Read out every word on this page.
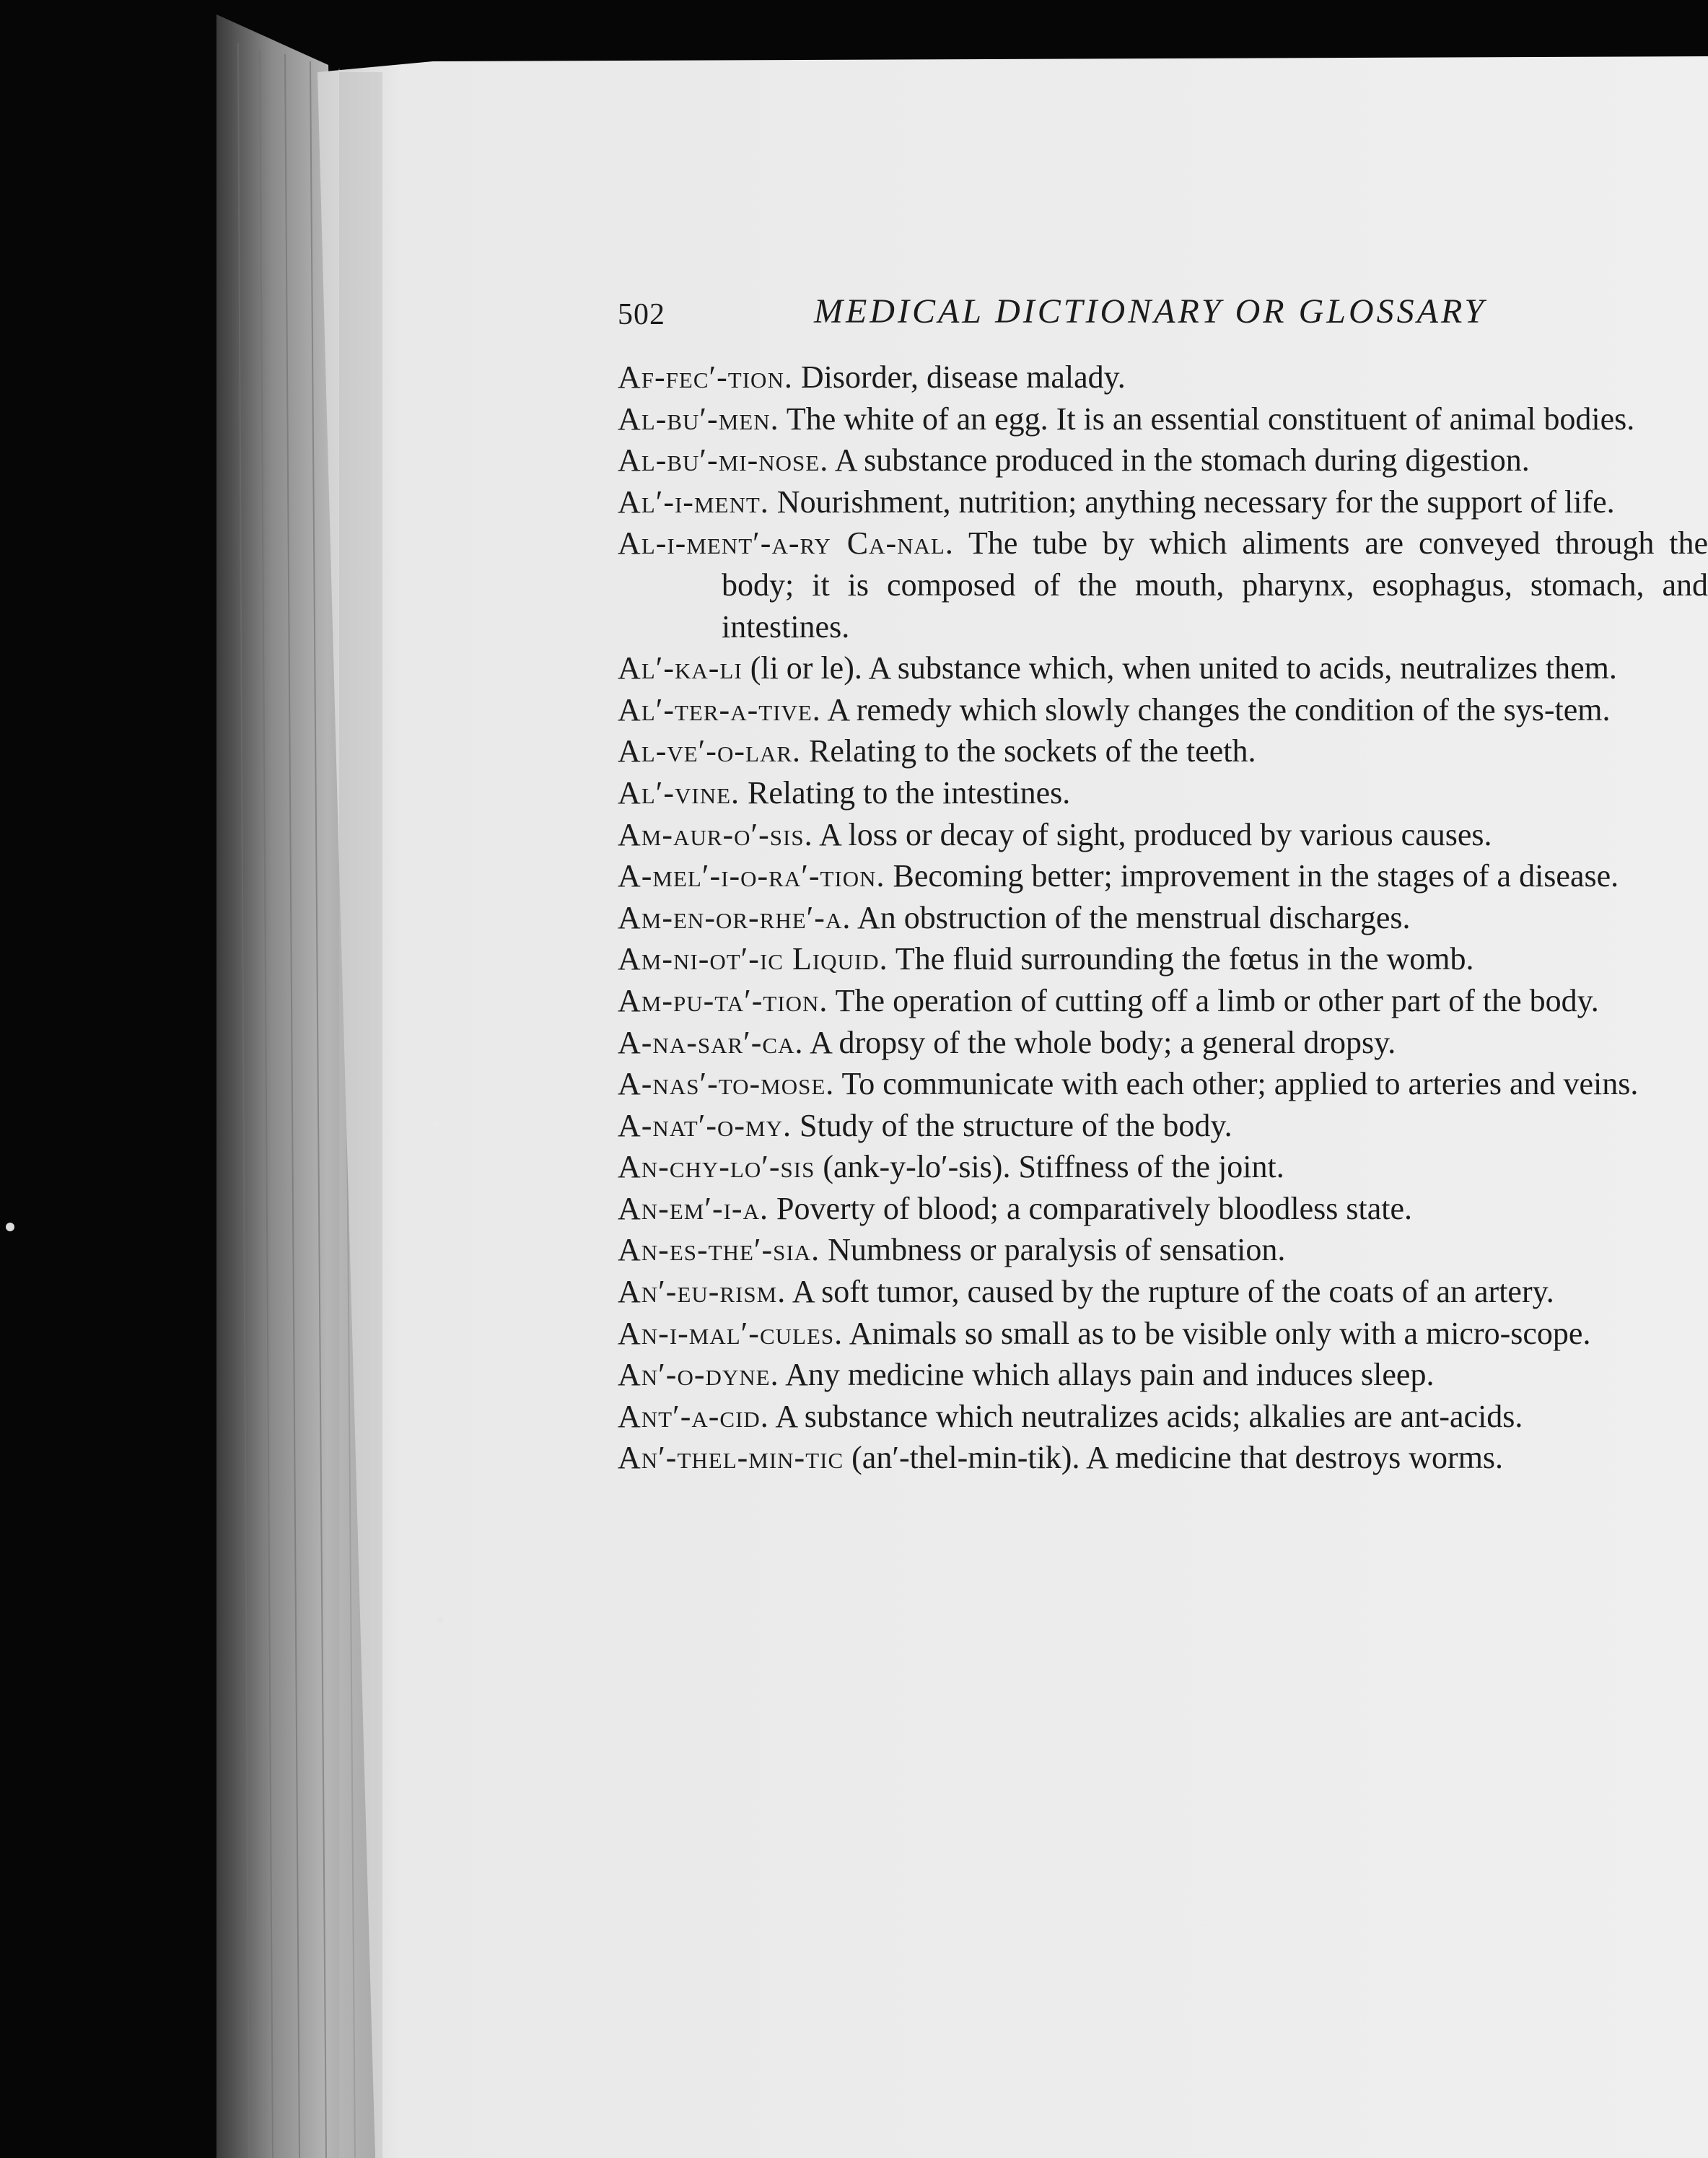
502	MEDICAL DICTIONARY OR GLOSSARY
Af-fec′-tion. Disorder, disease malady.
Al-bu′-men. The white of an egg. It is an essential constituent of animal bodies.
Al-bu′-mi-nose. A substance produced in the stomach during digestion.
Al′-i-ment. Nourishment, nutrition; anything necessary for the support of life.
Al-i-ment′-a-ry Ca-nal. The tube by which aliments are conveyed through the body; it is composed of the mouth, pharynx, esophagus, stomach, and intestines.
Al′-ka-li (li or le). A substance which, when united to acids, neutralizes them.
Al′-ter-a-tive. A remedy which slowly changes the condition of the sys-tem.
Al-ve′-o-lar. Relating to the sockets of the teeth.
Al′-vine. Relating to the intestines.
Am-aur-o′-sis. A loss or decay of sight, produced by various causes.
A-mel′-i-o-ra′-tion. Becoming better; improvement in the stages of a disease.
Am-en-or-rhe′-a. An obstruction of the menstrual discharges.
Am-ni-ot′-ic Liquid. The fluid surrounding the fœtus in the womb.
Am-pu-ta′-tion. The operation of cutting off a limb or other part of the body.
A-na-sar′-ca. A dropsy of the whole body; a general dropsy.
A-nas′-to-mose. To communicate with each other; applied to arteries and veins.
A-nat′-o-my. Study of the structure of the body.
An-chy-lo′-sis (ank-y-lo′-sis). Stiffness of the joint.
An-em′-i-a. Poverty of blood; a comparatively bloodless state.
An-es-the′-sia. Numbness or paralysis of sensation.
An′-eu-rism. A soft tumor, caused by the rupture of the coats of an artery.
An-i-mal′-cules. Animals so small as to be visible only with a micro-scope.
An′-o-dyne. Any medicine which allays pain and induces sleep.
Ant′-a-cid. A substance which neutralizes acids; alkalies are ant-acids.
An′-thel-min-tic (an′-thel-min-tik). A medicine that destroys worms.
